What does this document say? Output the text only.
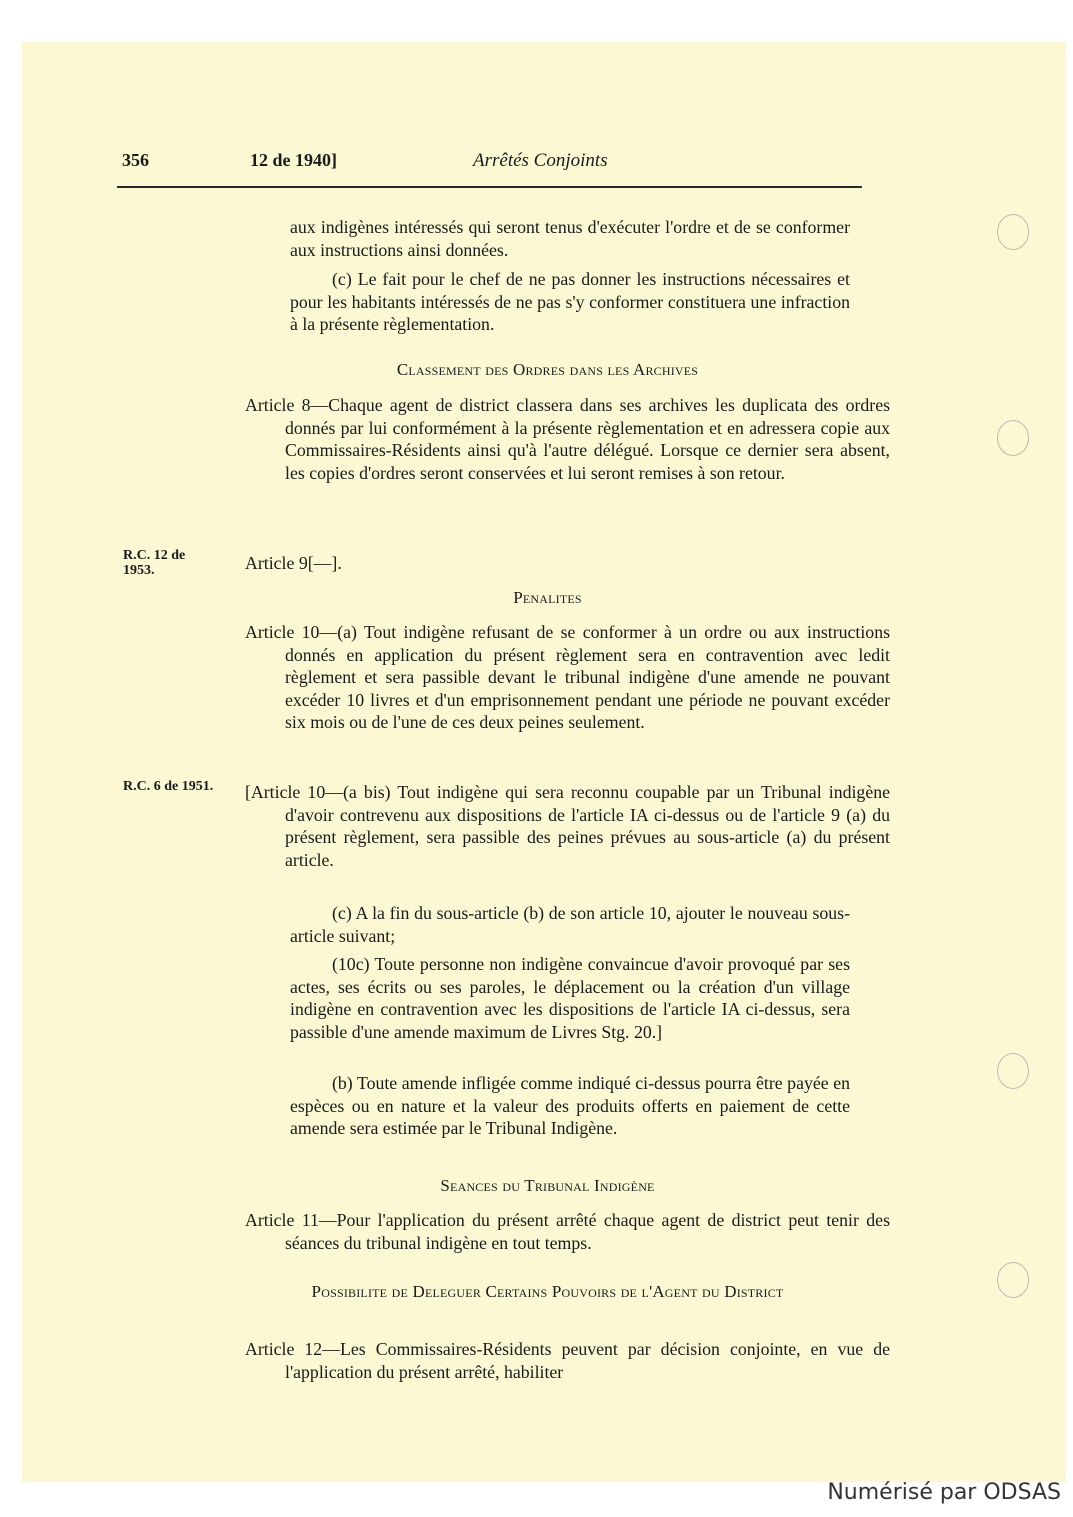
356	12 de 1940]	Arrêtés Conjoints
aux indigènes intéressés qui seront tenus d'exécuter l'ordre et de se conformer aux instructions ainsi données.
(c) Le fait pour le chef de ne pas donner les instructions nécessaires et pour les habitants intéressés de ne pas s'y conformer constituera une infraction à la présente règlementation.
Classement des Ordres dans les Archives
Article 8—Chaque agent de district classera dans ses archives les duplicata des ordres donnés par lui conformément à la présente règlementation et en adressera copie aux Commissaires-Résidents ainsi qu'à l'autre délégué. Lorsque ce dernier sera absent, les copies d'ordres seront conservées et lui seront remises à son retour.
R.C. 12 de 1953.	Article 9[—].
Penalites
Article 10—(a) Tout indigène refusant de se conformer à un ordre ou aux instructions donnés en application du présent règlement sera en contravention avec ledit règlement et sera passible devant le tribunal indigène d'une amende ne pouvant excéder 10 livres et d'un emprisonnement pendant une période ne pouvant excéder six mois ou de l'une de ces deux peines seulement.
R.C. 6 de 1951. [Article 10—(a bis) Tout indigène qui sera reconnu coupable par un Tribunal indigène d'avoir contrevenu aux dispositions de l'article IA ci-dessus ou de l'article 9 (a) du présent règlement, sera passible des peines prévues au sous-article (a) du présent article.
(c) A la fin du sous-article (b) de son article 10, ajouter le nouveau sous-article suivant;
(10c) Toute personne non indigène convaincue d'avoir provoqué par ses actes, ses écrits ou ses paroles, le déplacement ou la création d'un village indigène en contravention avec les dispositions de l'article IA ci-dessus, sera passible d'une amende maximum de Livres Stg. 20.]
(b) Toute amende infligée comme indiqué ci-dessus pourra être payée en espèces ou en nature et la valeur des produits offerts en paiement de cette amende sera estimée par le Tribunal Indigène.
Seances du Tribunal Indigène
Article 11—Pour l'application du présent arrêté chaque agent de district peut tenir des séances du tribunal indigène en tout temps.
Possibilite de Deleguer Certains Pouvoirs de l'Agent du District
Article 12—Les Commissaires-Résidents peuvent par décision conjointe, en vue de l'application du présent arrêté, habiliter
Numérisé par ODSAS
